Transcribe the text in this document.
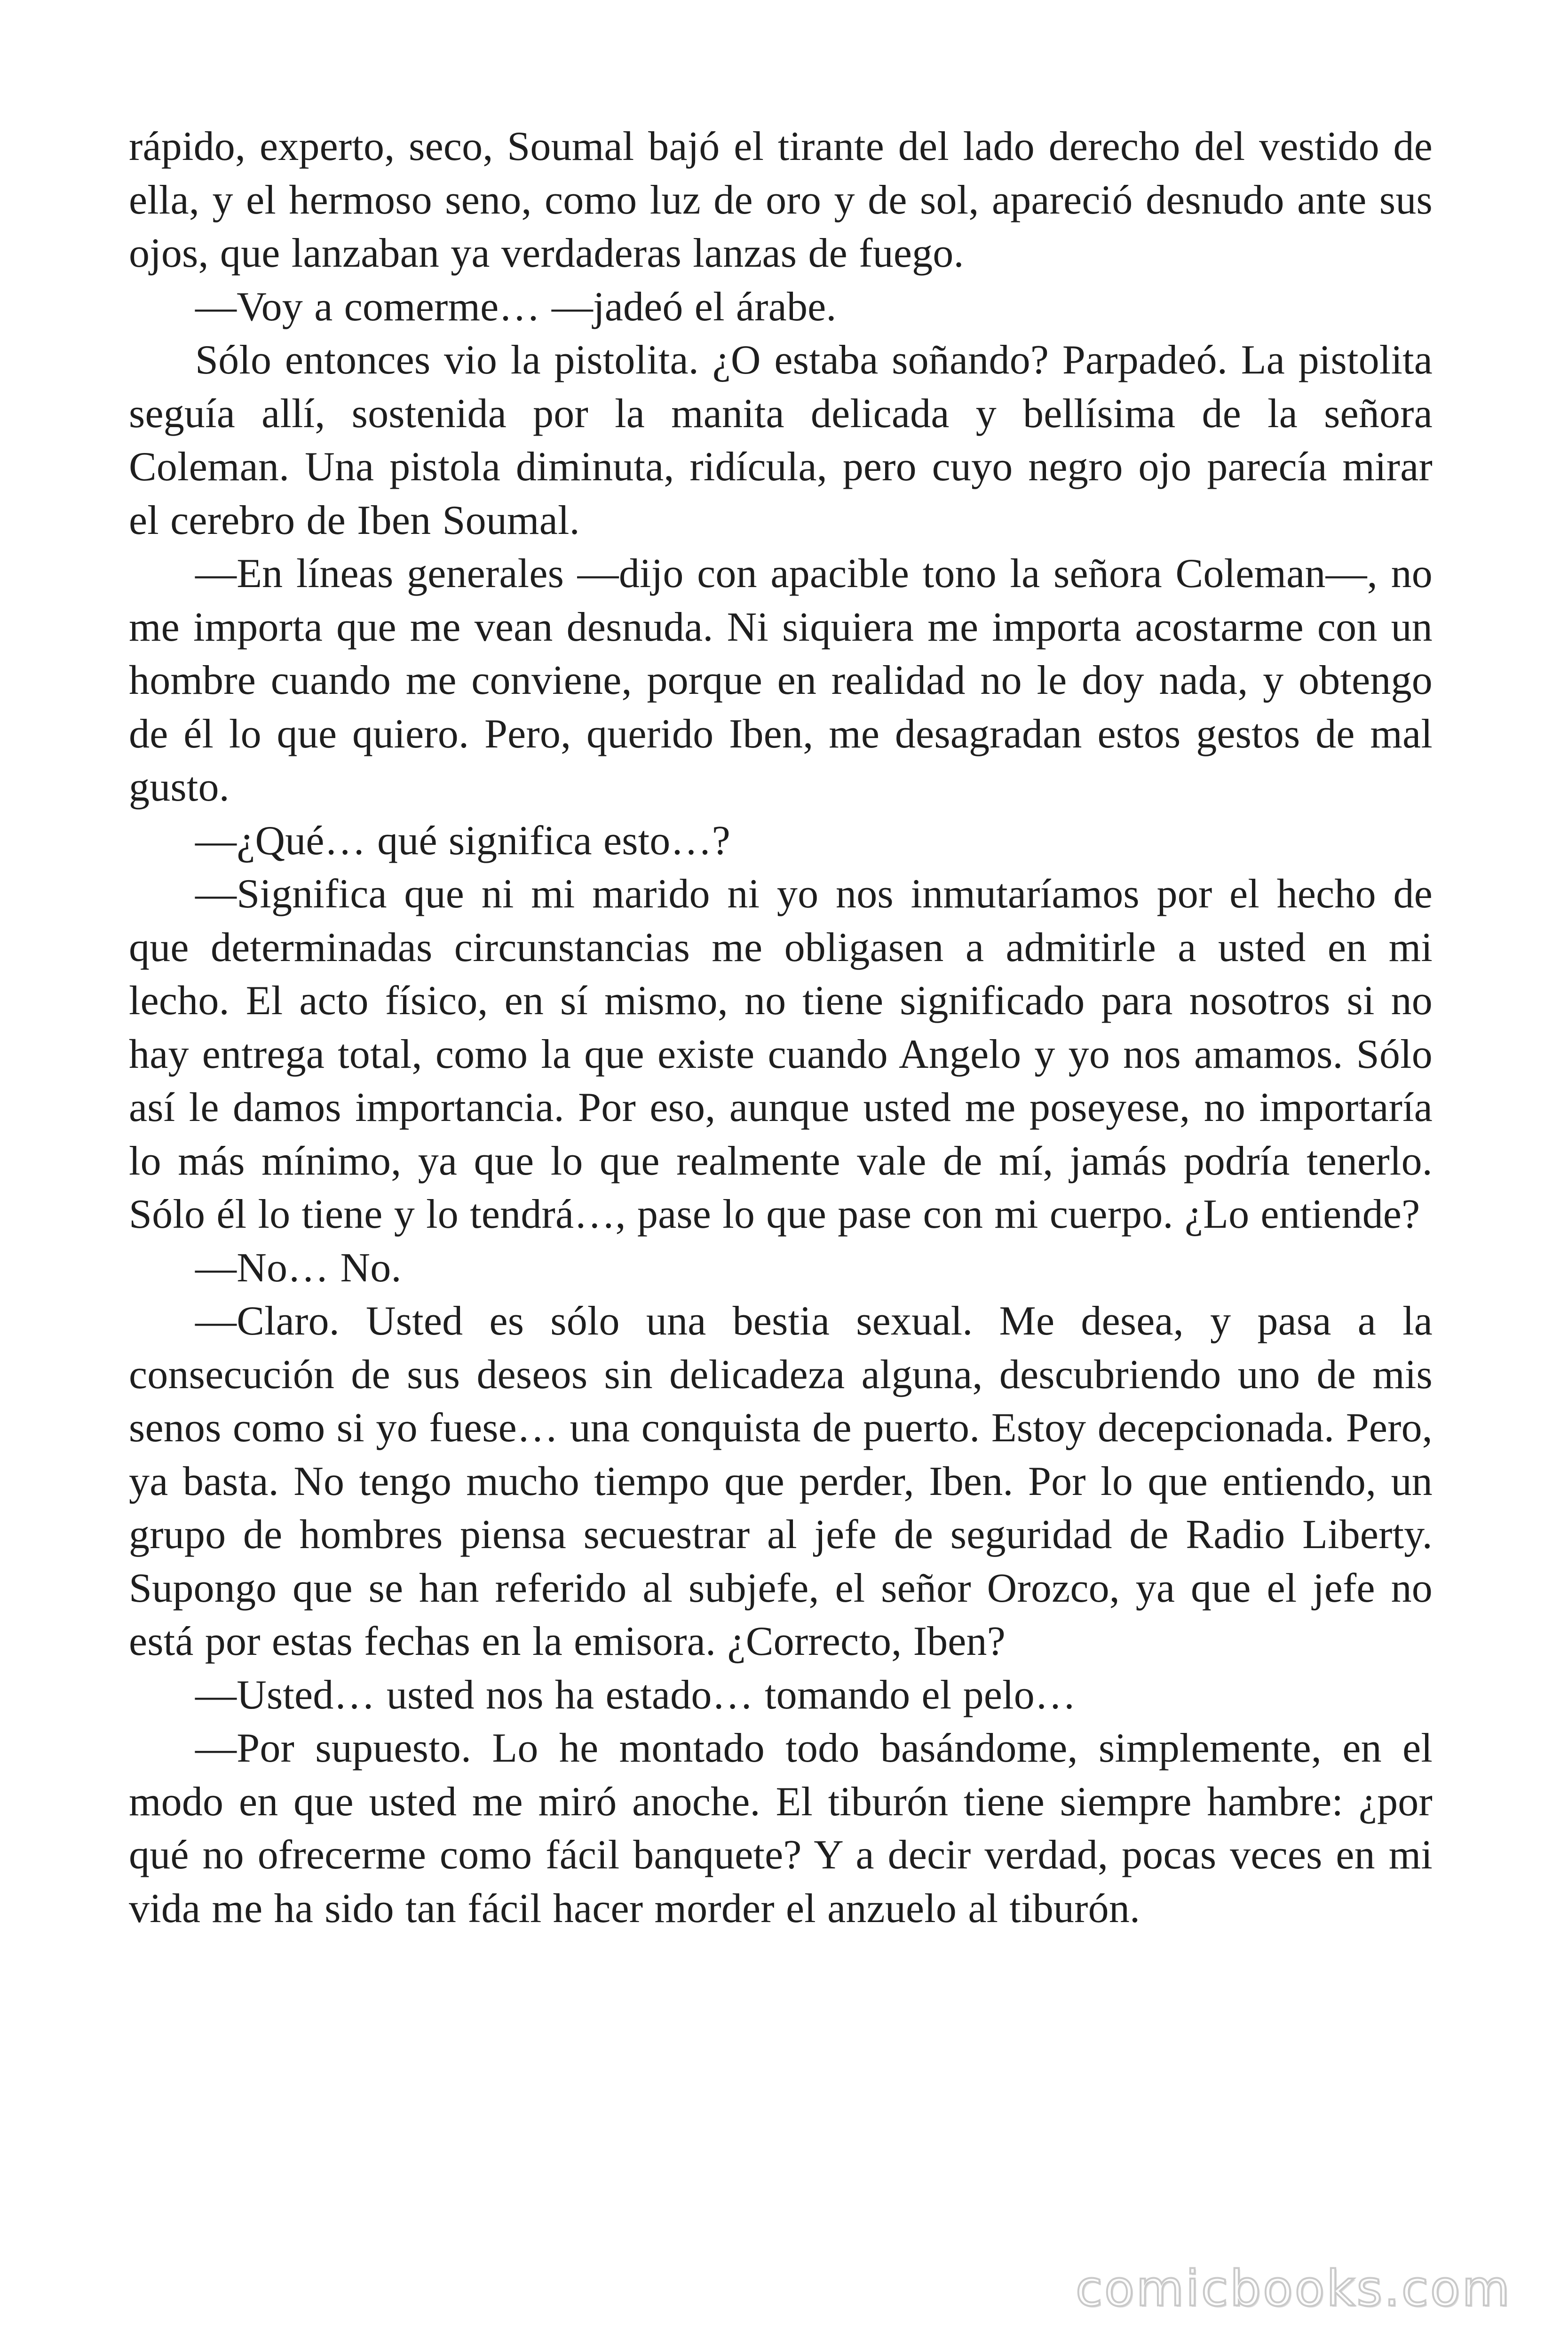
rápido, experto, seco, Soumal bajó el tirante del lado derecho del vestido de ella, y el hermoso seno, como luz de oro y de sol, apareció desnudo ante sus ojos, que lanzaban ya verdaderas lanzas de fuego.

—Voy a comerme… —jadeó el árabe.

Sólo entonces vio la pistolita. ¿O estaba soñando? Parpadeó. La pistolita seguía allí, sostenida por la manita delicada y bellísima de la señora Coleman. Una pistola diminuta, ridícula, pero cuyo negro ojo parecía mirar el cerebro de Iben Soumal.

—En líneas generales —dijo con apacible tono la señora Coleman—, no me importa que me vean desnuda. Ni siquiera me importa acostarme con un hombre cuando me conviene, porque en realidad no le doy nada, y obtengo de él lo que quiero. Pero, querido Iben, me desagradan estos gestos de mal gusto.

—¿Qué… qué significa esto…?

—Significa que ni mi marido ni yo nos inmutaríamos por el hecho de que determinadas circunstancias me obligasen a admitirle a usted en mi lecho. El acto físico, en sí mismo, no tiene significado para nosotros si no hay entrega total, como la que existe cuando Angelo y yo nos amamos. Sólo así le damos importancia. Por eso, aunque usted me poseyese, no importaría lo más mínimo, ya que lo que realmente vale de mí, jamás podría tenerlo. Sólo él lo tiene y lo tendrá…, pase lo que pase con mi cuerpo. ¿Lo entiende?

—No… No.

—Claro. Usted es sólo una bestia sexual. Me desea, y pasa a la consecución de sus deseos sin delicadeza alguna, descubriendo uno de mis senos como si yo fuese… una conquista de puerto. Estoy decepcionada. Pero, ya basta. No tengo mucho tiempo que perder, Iben. Por lo que entiendo, un grupo de hombres piensa secuestrar al jefe de seguridad de Radio Liberty. Supongo que se han referido al subjefe, el señor Orozco, ya que el jefe no está por estas fechas en la emisora. ¿Correcto, Iben?

—Usted… usted nos ha estado… tomando el pelo…

—Por supuesto. Lo he montado todo basándome, simplemente, en el modo en que usted me miró anoche. El tiburón tiene siempre hambre: ¿por qué no ofrecerme como fácil banquete? Y a decir verdad, pocas veces en mi vida me ha sido tan fácil hacer morder el anzuelo al tiburón.

comicbooks.com
